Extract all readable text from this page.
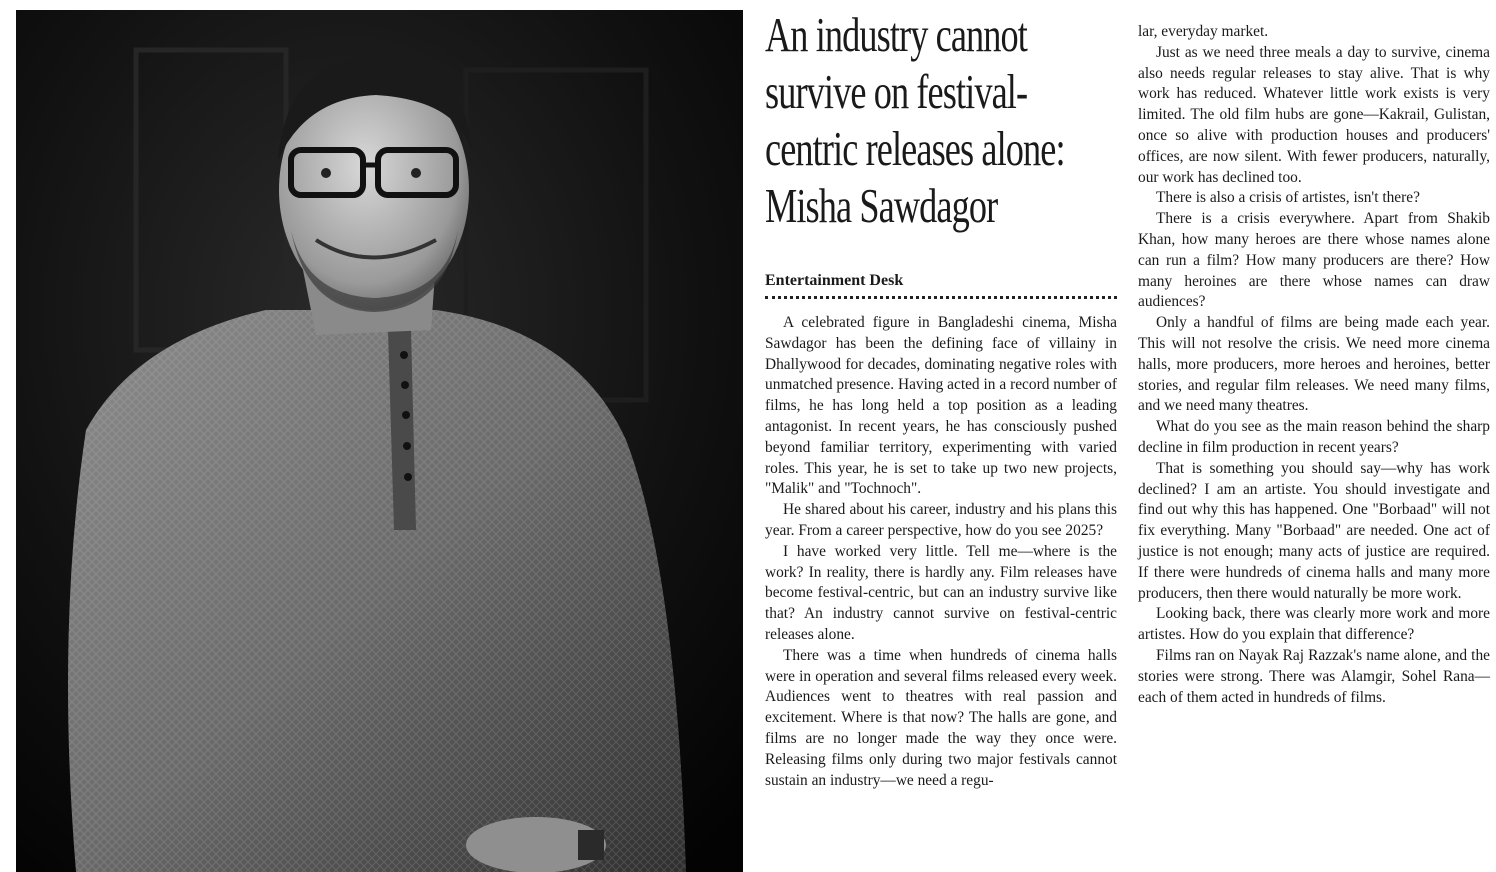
An industry cannot survive on festival-centric releases alone: Misha Sawdagor
Entertainment Desk

A celebrated figure in Bangladeshi cinema, Misha Sawdagor has been the defining face of villainy in Dhallywood for decades, dominating negative roles with unmatched presence. Having acted in a record number of films, he has long held a top position as a leading antagonist. In recent years, he has consciously pushed beyond familiar territory, experimenting with varied roles. This year, he is set to take up two new projects, "Malik" and "Tochnoch".

He shared about his career, industry and his plans this year. From a career perspective, how do you see 2025?

I have worked very little. Tell me—where is the work? In reality, there is hardly any. Film releases have become festival-centric, but can an industry survive like that? An industry cannot survive on festival-centric releases alone.

There was a time when hundreds of cinema halls were in operation and several films released every week. Audiences went to theatres with real passion and excitement. Where is that now? The halls are gone, and films are no longer made the way they once were. Releasing films only during two major festivals cannot sustain an industry—we need a regu-

lar, everyday market.

Just as we need three meals a day to survive, cinema also needs regular releases to stay alive. That is why work has reduced. Whatever little work exists is very limited. The old film hubs are gone—Kakrail, Gulistan, once so alive with production houses and producers' offices, are now silent. With fewer producers, naturally, our work has declined too.

There is also a crisis of artistes, isn't there?

There is a crisis everywhere. Apart from Shakib Khan, how many heroes are there whose names alone can run a film? How many producers are there? How many heroines are there whose names can draw audiences?

Only a handful of films are being made each year. This will not resolve the crisis. We need more cinema halls, more producers, more heroes and heroines, better stories, and regular film releases. We need many films, and we need many theatres.

What do you see as the main reason behind the sharp decline in film production in recent years?

That is something you should say—why has work declined? I am an artiste. You should investigate and find out why this has happened. One "Borbaad" will not fix everything. Many "Borbaad" are needed. One act of justice is not enough; many acts of justice are required. If there were hundreds of cinema halls and many more producers, then there would naturally be more work.

Looking back, there was clearly more work and more artistes. How do you explain that difference?

Films ran on Nayak Raj Razzak's name alone, and the stories were strong. There was Alamgir, Sohel Rana—each of them acted in hundreds of films.
